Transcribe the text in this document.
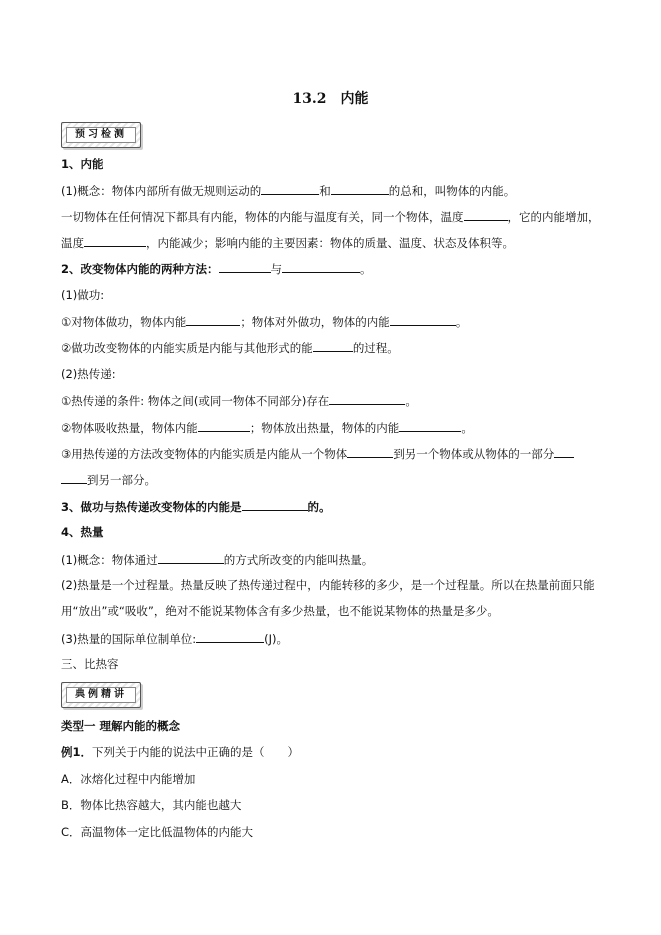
13.2　内能
预习检测
1、内能
(1)概念：物体内部所有做无规则运动的	和	的总和，叫物体的内能。
一切物体在任何情况下都具有内能，物体的内能与温度有关，同一个物体，温度	，它的内能增加，
温度	，内能减少；影响内能的主要因素：物体的质量、温度、状态及体积等。
2、改变物体内能的两种方法：	与	。
(1)做功:
①对物体做功，物体内能	；物体对外做功，物体的内能	。
②做功改变物体的内能实质是内能与其他形式的能	的过程。
(2)热传递:
①热传递的条件: 物体之间(或同一物体不同部分)存在	。
②物体吸收热量，物体内能	；物体放出热量，物体的内能	。
③用热传递的方法改变物体的内能实质是内能从一个物体	到另一个物体或从物体的一部分
到另一部分。
3、做功与热传递改变物体的内能是	的。
4、热量
(1)概念：物体通过	的方式所改变的内能叫热量。
(2)热量是一个过程量。热量反映了热传递过程中，内能转移的多少，是一个过程量。所以在热量前面只能
用“放出”或“吸收”，绝对不能说某物体含有多少热量，也不能说某物体的热量是多少。
(3)热量的国际单位制单位:	(J)。
三、比热容
典例精讲
类型一 理解内能的概念
例1．下列关于内能的说法中正确的是（　　）
A．冰熔化过程中内能增加
B．物体比热容越大，其内能也越大
C．高温物体一定比低温物体的内能大
